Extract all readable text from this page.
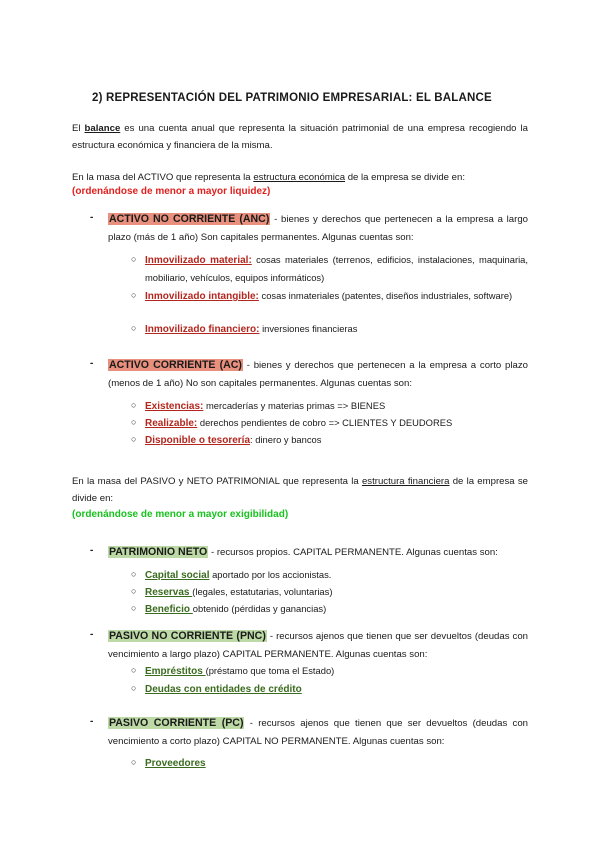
2) REPRESENTACIÓN DEL PATRIMONIO EMPRESARIAL: EL BALANCE
El balance es una cuenta anual que representa la situación patrimonial de una empresa recogiendo la estructura económica y financiera de la misma.
En la masa del ACTIVO que representa la estructura económica de la empresa se divide en:
(ordenándose de menor a mayor liquidez)
- ACTIVO NO CORRIENTE (ANC) - bienes y derechos que pertenecen a la empresa a largo plazo (más de 1 año) Son capitales permanentes. Algunas cuentas son:
○ Inmovilizado material: cosas materiales (terrenos, edificios, instalaciones, maquinaria, mobiliario, vehículos, equipos informáticos)
○ Inmovilizado intangible: cosas inmateriales (patentes, diseños industriales, software)
○ Inmovilizado financiero: inversiones financieras
- ACTIVO CORRIENTE (AC) - bienes y derechos que pertenecen a la empresa a corto plazo (menos de 1 año) No son capitales permanentes. Algunas cuentas son:
○ Existencias: mercaderías y materias primas => BIENES
○ Realizable: derechos pendientes de cobro => CLIENTES Y DEUDORES
○ Disponible o tesorería: dinero y bancos
En la masa del PASIVO y NETO PATRIMONIAL que representa la estructura financiera de la empresa se divide en:
(ordenándose de menor a mayor exigibilidad)
- PATRIMONIO NETO - recursos propios. CAPITAL PERMANENTE. Algunas cuentas son:
○ Capital social aportado por los accionistas.
○ Reservas (legales, estatutarias, voluntarias)
○ Beneficio obtenido (pérdidas y ganancias)
- PASIVO NO CORRIENTE (PNC) - recursos ajenos que tienen que ser devueltos (deudas con vencimiento a largo plazo) CAPITAL PERMANENTE. Algunas cuentas son:
○ Empréstitos (préstamo que toma el Estado)
○ Deudas con entidades de crédito
- PASIVO CORRIENTE (PC) - recursos ajenos que tienen que ser devueltos (deudas con vencimiento a corto plazo) CAPITAL NO PERMANENTE. Algunas cuentas son:
○ Proveedores
